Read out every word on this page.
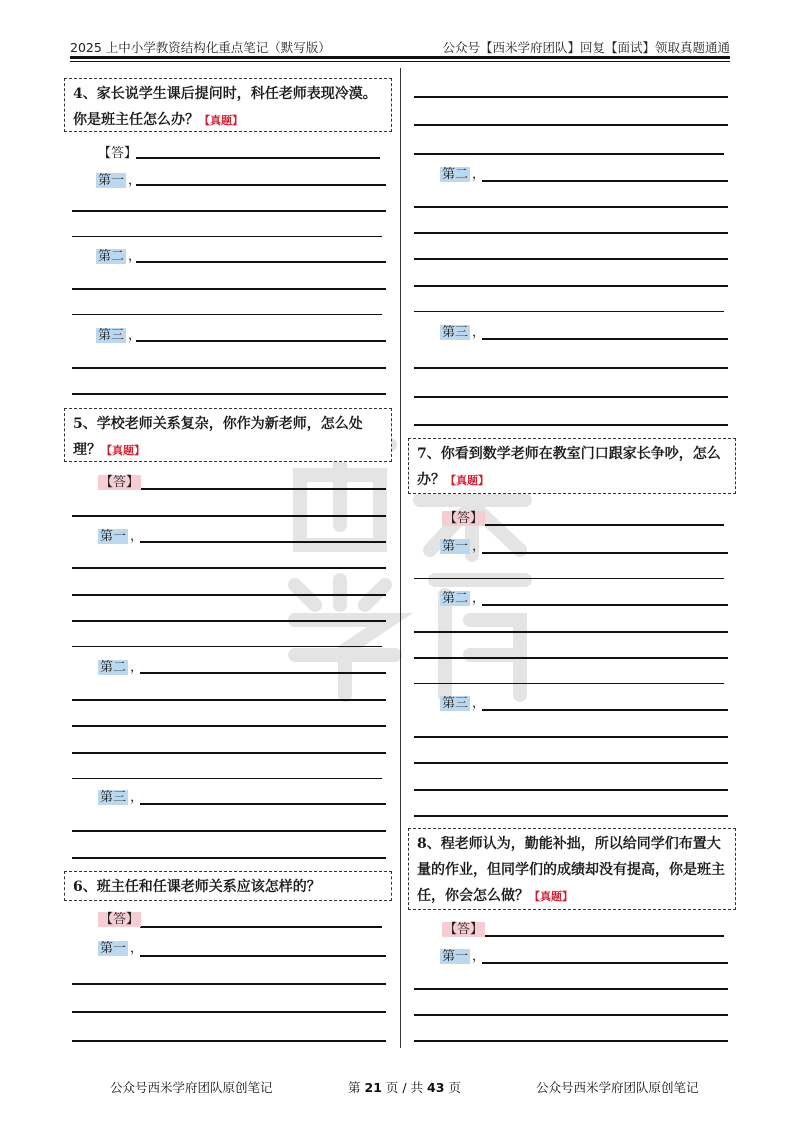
2025 上中小学教资结构化重点笔记（默写版）	公众号【西米学府团队】回复【面试】领取真题通通
4、家长说学生课后提问时，科任老师表现冷漠。你是班主任怎么办？【真题】
【答】
第一 ，
第二 ，
第三 ，
5、学校老师关系复杂，你作为新老师，怎么处理？【真题】
【答】
第一 ，
第二 ，
第三 ，
6、班主任和任课老师关系应该怎样的？
【答】
第一 ，
第二 ，
第三 ，
7、你看到数学老师在教室门口跟家长争吵，怎么办？【真题】
【答】
第一 ，
第二 ，
第三 ，
8、程老师认为，勤能补拙，所以给同学们布置大量的作业，但同学们的成绩却没有提高，你是班主任，你会怎么做？【真题】
【答】
第一 ，
公众号西米学府团队原创笔记	第 21 页 / 共 43 页	公众号西米学府团队原创笔记
